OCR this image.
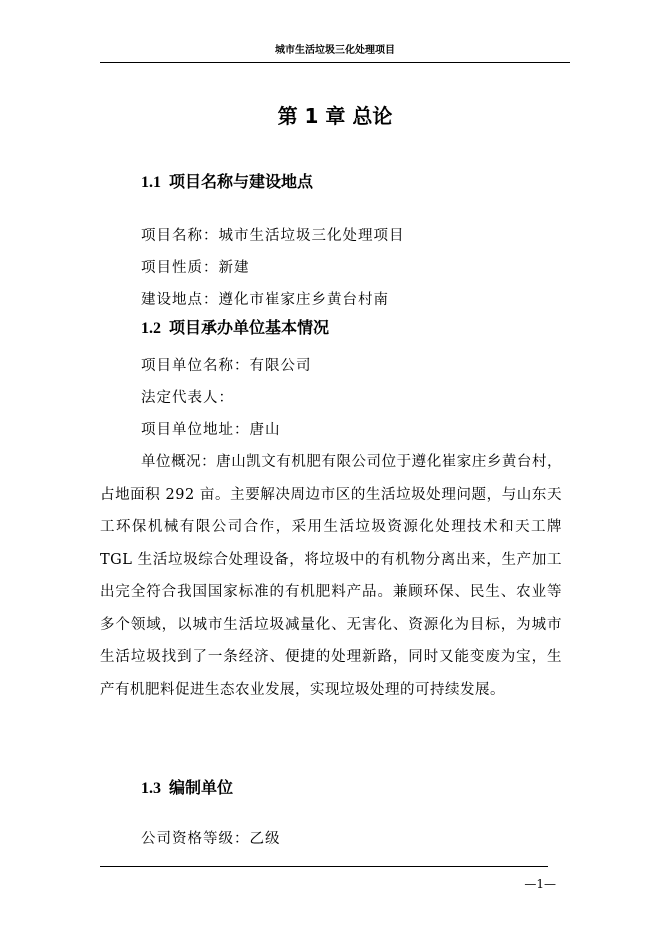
城市生活垃圾三化处理项目
第 1 章 总论
1.1 项目名称与建设地点
项目名称：城市生活垃圾三化处理项目
项目性质：新建
建设地点：遵化市崔家庄乡黄台村南
1.2 项目承办单位基本情况
项目单位名称：有限公司
法定代表人：
项目单位地址：唐山
单位概况：唐山凯文有机肥有限公司位于遵化崔家庄乡黄台村，占地面积 292 亩。主要解决周边市区的生活垃圾处理问题，与山东天工环保机械有限公司合作，采用生活垃圾资源化处理技术和天工牌 TGL 生活垃圾综合处理设备，将垃圾中的有机物分离出来，生产加工出完全符合我国国家标准的有机肥料产品。兼顾环保、民生、农业等多个领域，以城市生活垃圾减量化、无害化、资源化为目标，为城市生活垃圾找到了一条经济、便捷的处理新路，同时又能变废为宝，生产有机肥料促进生态农业发展，实现垃圾处理的可持续发展。
1.3 编制单位
公司资格等级：乙级
—1—
